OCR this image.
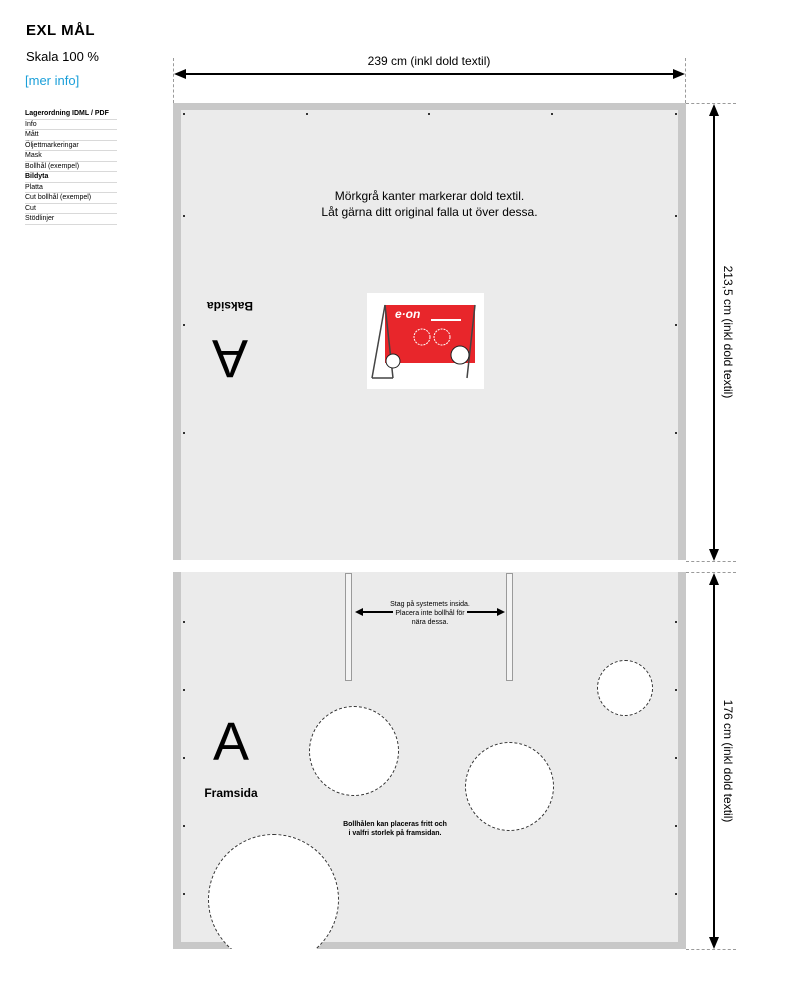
EXL MÅL
Skala 100 %
[mer info]
Lagerordning IDML / PDF
Info
Mått
Öljettmarkeringar
Mask
Bollhål (exempel)
Bildyta
Platta
Cut bollhål (exempel)
Cut
Stödlinjer
239 cm (inkl dold textil)
Mörkgrå kanter markerar dold textil.
Låt gärna ditt original falla ut över dessa.
A
Baksida
e·on	213,5 cm (inkl dold textil)
Stag på systemets insida. Placera inte bollhål för
nära dessa.
A
Framsida
Bollhålen kan placeras fritt och
i valfri storlek på framsidan.
176 cm (inkl dold textil)
